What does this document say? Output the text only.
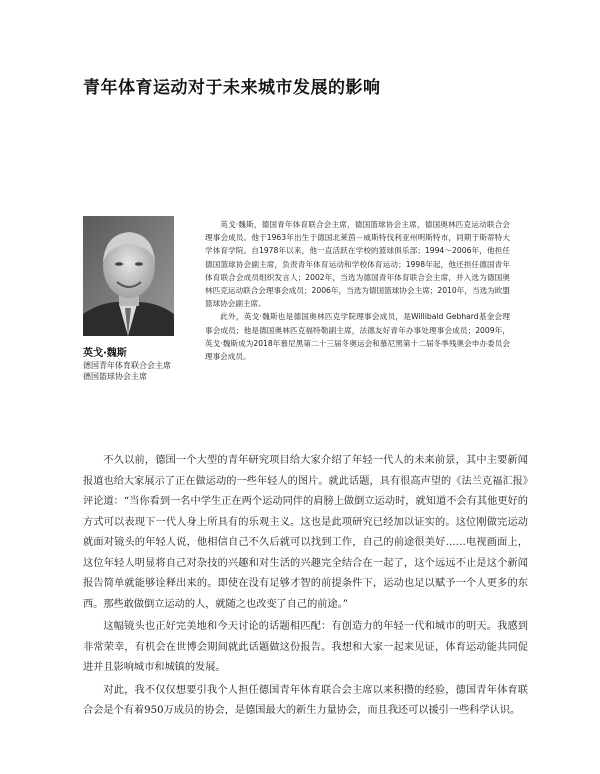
青年体育运动对于未来城市发展的影响
英戈·魏斯
德国青年体育联合会主席
德国篮球协会主席

英戈·魏斯，德国青年体育联合会主席，德国篮球协会主席，德国奥林匹克运动联合会理事会成员。他于1963年出生于德国北莱茵－威斯特伐利亚州明斯特市，同期于斯蒂特大学体育学院。自1978年以来，他一直活跃在学校的篮球俱乐部；1994～2006年，他担任德国篮球协会副主席，负责青年体育运动和学校体育运动；1998年起，他还担任德国青年体育联合会成员组织发言人；2002年，当选为德国青年体育联合会主席，并入选为德国奥林匹克运动联合会理事会成员；2006年，当选为德国篮球协会主席；2010年，当选为欧盟篮球协会副主席。

此外，英戈·魏斯也是德国奥林匹克学院理事会成员，是Willibald Gebhard基金会理事会成员；他是德国奥林匹克福特勒副主席，法德友好青年办事处理事会成员；2009年，英戈·魏斯成为2018年慕尼黑第二十三届冬奥运会和慕尼黑第十二届冬季残奥会申办委员会理事会成员。

不久以前，德国一个大型的青年研究项目给大家介绍了年轻一代人的未来前景，其中主要新闻报道也给大家展示了正在做运动的一些年轻人的图片。就此话题，具有很高声望的《法兰克福汇报》评论道：“当你看到一名中学生正在两个运动同伴的肩膀上做倒立运动时，就知道不会有其他更好的方式可以表现下一代人身上所具有的乐观主义。这也是此项研究已经加以证实的。这位刚做完运动就面对镜头的年轻人说，他相信自己不久后就可以找到工作，自己的前途很美好……电视画面上，这位年轻人明显将自己对杂技的兴趣和对生活的兴趣完全结合在一起了，这个远远不止是这个新闻报告简单就能够诠释出来的。即使在没有足够才智的前提条件下，运动也足以赋予一个人更多的东西。那些敢做倒立运动的人，就随之也改变了自己的前途。”

这幅镜头也正好完美地和今天讨论的话题相匹配：有创造力的年轻一代和城市的明天。我感到非常荣幸，有机会在世博会期间就此话题做这份报告。我想和大家一起来见证，体育运动能共同促进并且影响城市和城镇的发展。

对此，我不仅仅想要引我个人担任德国青年体育联合会主席以来积攒的经验，德国青年体育联合会是个有着950万成员的协会，是德国最大的新生力量协会，而且我还可以援引一些科学认识。
